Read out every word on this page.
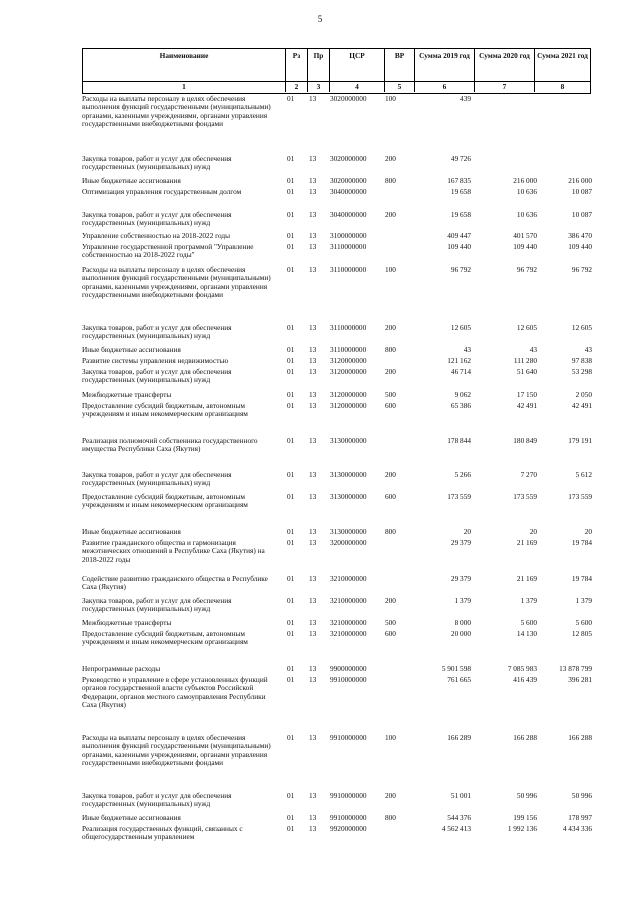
5
Наименование	Рз	Пр	ЦСР	ВР	Сумма 2019 год	Сумма 2020 год	Сумма 2021 год
1	2	3	4	5	6	7	8
Расходы на выплаты персоналу в целях обеспечения выполнения функций государственными (муниципальными) органами, казенными учреждениями, органами управления государственными внебюджетными фондами
01	13	3020000000	100	439
Закупка товаров, работ и услуг для обеспечения государственных (муниципальных) нужд
01	13	3020000000	200	49 726
Иные бюджетные ассигнования	01	13	3020000000	800	167 835	216 000	216 000
Оптимизация управления государственным долгом	01	13	3040000000	19 658	10 636	10 087
Закупка товаров, работ и услуг для обеспечения государственных (муниципальных) нужд
01	13	3040000000	200	19 658	10 636	10 087
Управление собственностью на 2018-2022 годы	01	13	3100000000	409 447	401 570	386 470
Управление государственной программой "Управление собственностью на 2018-2022 годы"
01	13	3110000000	109 440	109 440	109 440
Расходы на выплаты персоналу в целях обеспечения выполнения функций государственными (муниципальными) органами, казенными учреждениями, органами управления государственными внебюджетными фондами
01	13	3110000000	100	96 792	96 792	96 792
Закупка товаров, работ и услуг для обеспечения государственных (муниципальных) нужд
01	13	3110000000	200	12 605	12 605	12 605
Иные бюджетные ассигнования	01	13	3110000000	800	43	43	43
Развитие системы управления недвижимостью	01	13	3120000000	121 162	111 280	97 838
Закупка товаров, работ и услуг для обеспечения государственных (муниципальных) нужд
01	13	3120000000	200	46 714	51 640	53 298
Межбюджетные трансферты	01	13	3120000000	500	9 062	17 150	2 050
Предоставление субсидий бюджетным, автономным учреждениям и иным некоммерческим организациям
01	13	3120000000	600	65 386	42 491	42 491
Реализация полномочий собственника государственного имущества Республики Саха (Якутия)
01	13	3130000000	178 844	180 849	179 191
Закупка товаров, работ и услуг для обеспечения государственных (муниципальных) нужд
01	13	3130000000	200	5 266	7 270	5 612
Предоставление субсидий бюджетным, автономным учреждениям и иным некоммерческим организациям
01	13	3130000000	600	173 559	173 559	173 559
Иные бюджетные ассигнования	01	13	3130000000	800	20	20	20
Развитие гражданского общества и гармонизация межэтнических отношений в Республике Саха (Якутия) на 2018-2022 годы
01	13	3200000000	29 379	21 169	19 784
Содействие развитию гражданского общества в Республике Саха (Якутия)
01	13	3210000000	29 379	21 169	19 784
Закупка товаров, работ и услуг для обеспечения государственных (муниципальных) нужд
01	13	3210000000	200	1 379	1 379	1 379
Межбюджетные трансферты	01	13	3210000000	500	8 000	5 600	5 600
Предоставление субсидий бюджетным, автономным учреждениям и иным некоммерческим организациям
01	13	3210000000	600	20 000	14 130	12 805
Непрограммные расходы	01	13	9900000000	5 901 598	7 085 983	13 878 799
Руководство и управление в сфере установленных функций органов государственной власти субъектов Российской Федерации, органов местного самоуправления Республики Саха (Якутия)
01	13	9910000000	761 665	416 439	396 281
Расходы на выплаты персоналу в целях обеспечения выполнения функций государственными (муниципальными) органами, казенными учреждениями, органами управления государственными внебюджетными фондами
01	13	9910000000	100	166 289	166 288	166 288
Закупка товаров, работ и услуг для обеспечения государственных (муниципальных) нужд
01	13	9910000000	200	51 001	50 996	50 996
Иные бюджетные ассигнования	01	13	9910000000	800	544 376	199 156	178 997
Реализация государственных функций, связанных с общегосударственным управлением
01	13	9920000000	4 562 413	1 992 136	4 434 336
